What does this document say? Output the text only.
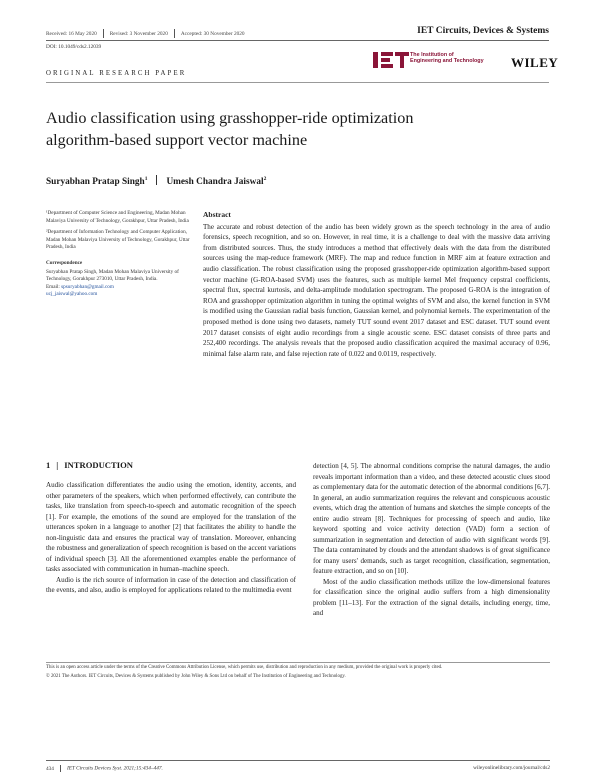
Received: 16 May 2020 Revised: 3 November 2020 Accepted: 30 November 2020	IET Circuits, Devices & Systems
DOI: 10.1049/cds2.12039
The Institution of
Engineering and Technology WILEY
ORIGINAL RESEARCH PAPER
Audio classification using grasshopper-ride optimization
algorithm-based support vector machine
Suryabhan Pratap Singh$^1$ Umesh Chandra Jaiswal$^2$

¹Department of Computer Science and Engineering, Madan Mohan Malaviya University of Technology, Gorakhpur, Uttar Pradesh, India

²Department of Information Technology and Computer Application, Madan Mohan Malaviya University of Technology, Gorakhpur, Uttar Pradesh, India

Correspondence

Suryabhan Pratap Singh, Madan Mohan Malaviya University of Technology, Gorakhpur 273010, Uttar Pradesh, India.
Email: spsuryabhan@gmail.com
ucj_jaiswal@yahoo.com

Abstract

The accurate and robust detection of the audio has been widely grown as the speech technology in the area of audio forensics, speech recognition, and so on. However, in real time, it is a challenge to deal with the massive data arriving from distributed sources. Thus, the study introduces a method that effectively deals with the data from the distributed sources using the map-reduce framework (MRF). The map and reduce function in MRF aim at feature extraction and audio classification. The robust classification using the proposed grasshopper-ride optimization algorithm-based support vector machine (G-ROA-based SVM) uses the features, such as multiple kernel Mel frequency cepstral coefficients, spectral flux, spectral kurtosis, and delta-amplitude modulation spectrogram. The proposed G-ROA is the integration of ROA and grasshopper optimization algorithm in tuning the optimal weights of SVM and also, the kernel function in SVM is modified using the Gaussian radial basis function, Gaussian kernel, and polynomial kernels. The experimentation of the proposed method is done using two datasets, namely TUT sound event 2017 dataset and ESC dataset. TUT sound event 2017 dataset consists of eight audio recordings from a single acoustic scene. ESC dataset consists of three parts and 252,400 recordings. The analysis reveals that the proposed audio classification acquired the maximal accuracy of 0.96, minimal false alarm rate, and false rejection rate of 0.022 and 0.0119, respectively.

1 | INTRODUCTION

Audio classification differentiates the audio using the emotion, identity, accents, and other parameters of the speakers, which when performed effectively, can contribute the tasks, like translation from speech-to-speech and automatic recognition of the speech [1]. For example, the emotions of the sound are employed for the translation of the utterances spoken in a language to another [2] that facilitates the ability to handle the non-linguistic data and ensures the practical way of translation. Moreover, enhancing the robustness and generalization of speech recognition is based on the accent variations of individual speech [3]. All the aforementioned examples enable the performance of tasks associated with communication in human–machine speech.

Audio is the rich source of information in case of the detection and classification of the events, and also, audio is employed for applications related to the multimedia event

detection [4, 5]. The abnormal conditions comprise the natural damages, the audio reveals important information than a video, and these detected acoustic clues stood as complementary data for the automatic detection of the abnormal conditions [6,7]. In general, an audio summarization requires the relevant and conspicuous acoustic events, which drag the attention of humans and sketches the simple concepts of the entire audio stream [8]. Techniques for processing of speech and audio, like keyword spotting and voice activity detection (VAD) form a section of summarization in segmentation and detection of audio with significant words [9]. The data contaminated by clouds and the attendant shadows is of great significance for many users' demands, such as target recognition, classification, segmentation, feature extraction, and so on [10].

Most of the audio classification methods utilize the low-dimensional features for classification since the original audio suffers from a high dimensionality problem [11–13]. For the extraction of the signal details, including energy, time, and

This is an open access article under the terms of the Creative Commons Attribution License, which permits use, distribution and reproduction in any medium, provided the original work is properly cited.

© 2021 The Authors. IET Circuits, Devices & Systems published by John Wiley & Sons Ltd on behalf of The Institution of Engineering and Technology.

434 IET Circuits Devices Syst. 2021;15:434–447.	wileyonlinelibrary.com/journal/cds2
